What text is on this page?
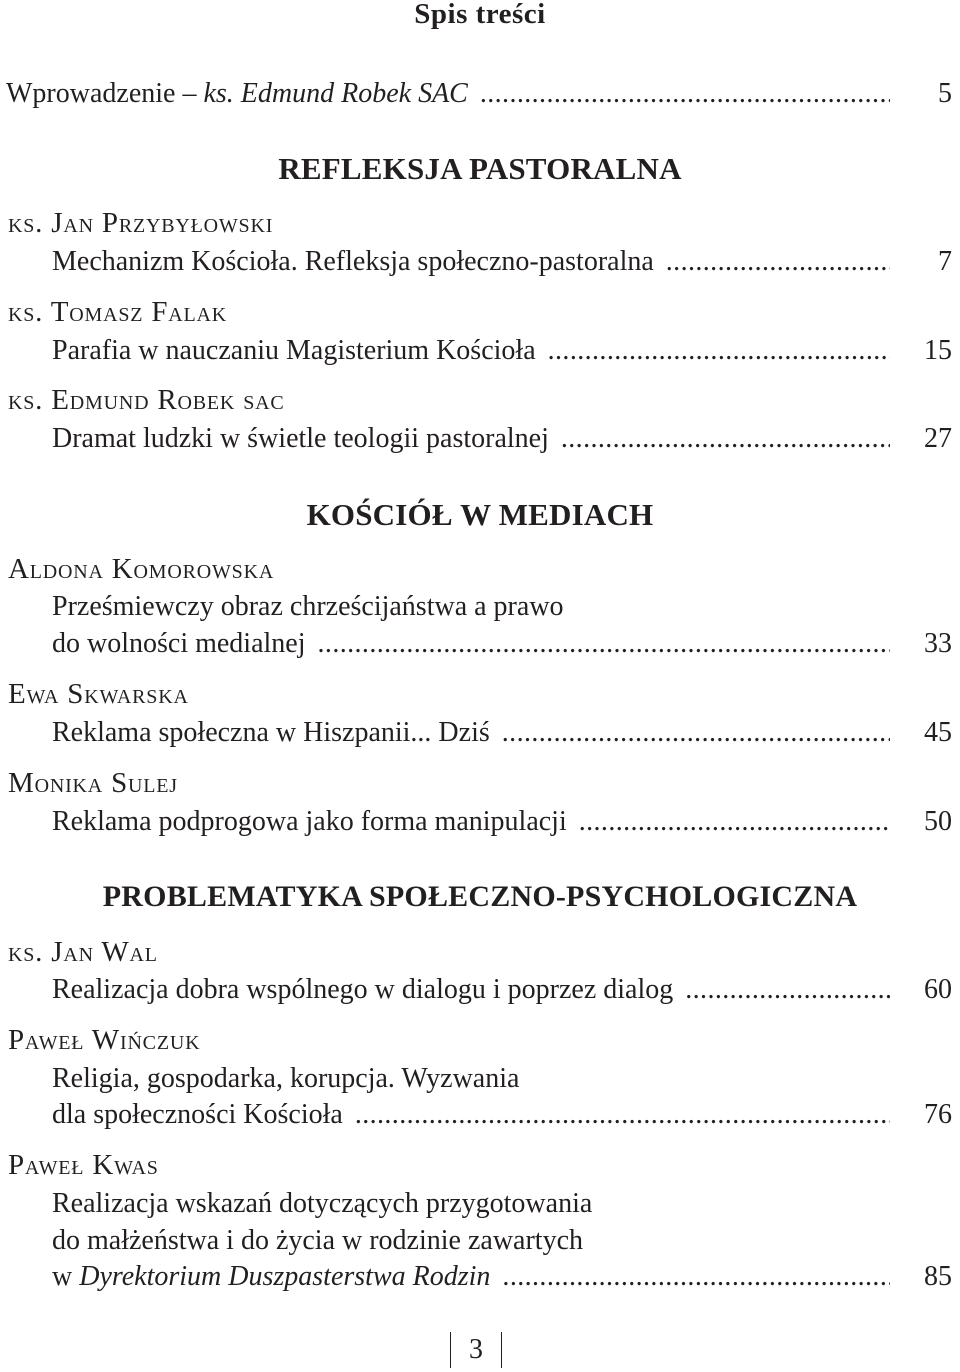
Spis treści
Wprowadzenie – ks. Edmund Robek SAC .....	5
REFLEKSJA PASTORALNA
ks. Jan Przybyłowski
Mechanizm Kościoła. Refleksja społeczno-pastoralna .....	7
ks. Tomasz Falak
Parafia w nauczaniu Magisterium Kościoła .....	15
ks. Edmund Robek sac
Dramat ludzki w świetle teologii pastoralnej .....	27
KOŚCIÓŁ W MEDIACH
Aldona Komorowska
Prześmiewczy obraz chrześcijaństwa a prawo
do wolności medialnej .....	33
Ewa Skwarska
Reklama społeczna w Hiszpanii... Dziś .....	45
Monika Sulej
Reklama podprogowa jako forma manipulacji .....	50
PROBLEMATYKA SPOŁECZNO-PSYCHOLOGICZNA
ks. Jan Wal
Realizacja dobra wspólnego w dialogu i poprzez dialog .....	60
Paweł Wińczuk
Religia, gospodarka, korupcja. Wyzwania
dla społeczności Kościoła .....	76
Paweł Kwas
Realizacja wskazań dotyczących przygotowania
do małżeństwa i do życia w rodzinie zawartych
w Dyrektorium Duszpasterstwa Rodzin .....	85
3
